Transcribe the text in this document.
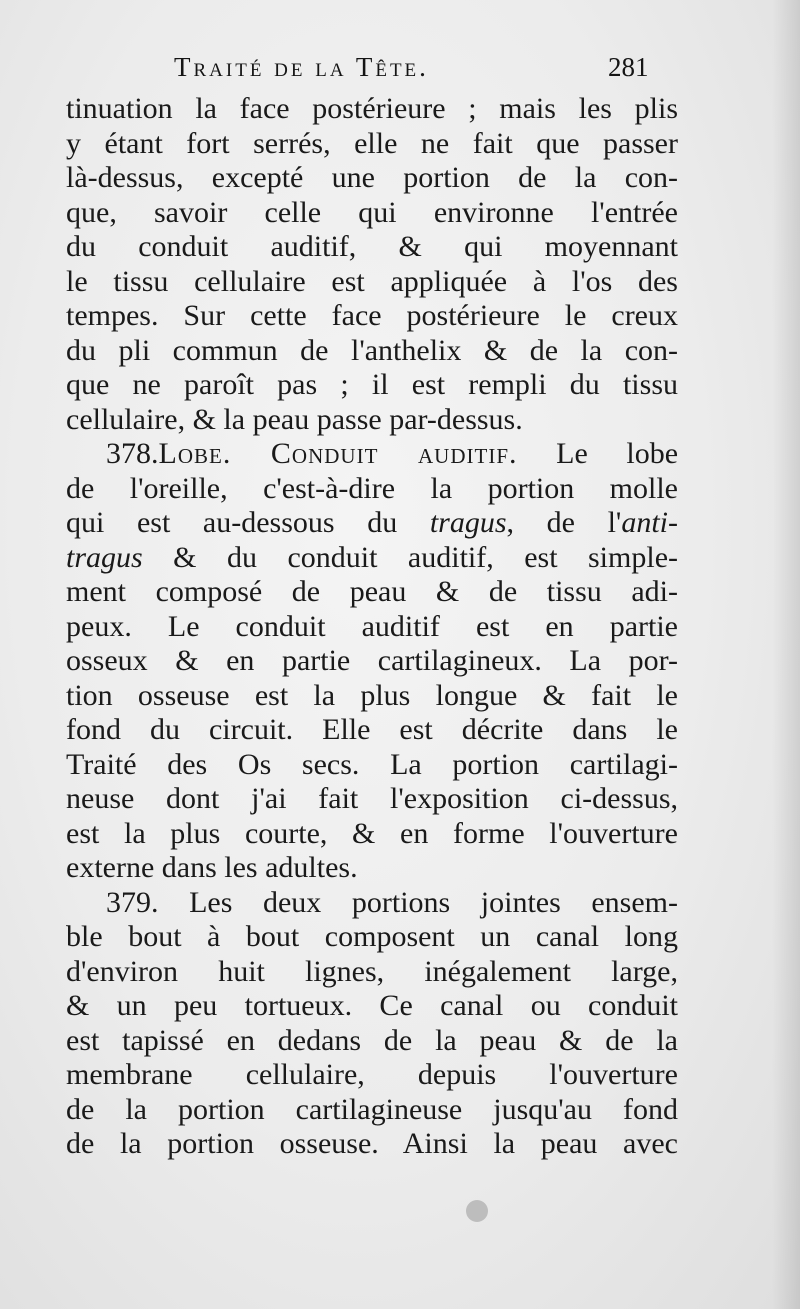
Traité de la Tête.	281
tinuation la face postérieure ; mais les plis
y étant fort serrés, elle ne fait que passer
là-dessus, excepté une portion de la con-
que, savoir celle qui environne l'entrée
du conduit auditif, & qui moyennant
le tissu cellulaire est appliquée à l'os des
tempes. Sur cette face postérieure le creux
du pli commun de l'anthelix & de la con-
que ne paroît pas ; il est rempli du tissu
cellulaire, & la peau passe par-dessus.
378.Lobe. Conduit auditif. Le lobe
de l'oreille, c'est-à-dire la portion molle
qui est au-dessous du tragus, de l'anti-
tragus & du conduit auditif, est simple-
ment composé de peau & de tissu adi-
peux. Le conduit auditif est en partie
osseux & en partie cartilagineux. La por-
tion osseuse est la plus longue & fait le
fond du circuit. Elle est décrite dans le
Traité des Os secs. La portion cartilagi-
neuse dont j'ai fait l'exposition ci-dessus,
est la plus courte, & en forme l'ouverture
externe dans les adultes.
379. Les deux portions jointes ensem-
ble bout à bout composent un canal long
d'environ huit lignes, inégalement large,
& un peu tortueux. Ce canal ou conduit
est tapissé en dedans de la peau & de la
membrane cellulaire, depuis l'ouverture
de la portion cartilagineuse jusqu'au fond
de la portion osseuse. Ainsi la peau avec
